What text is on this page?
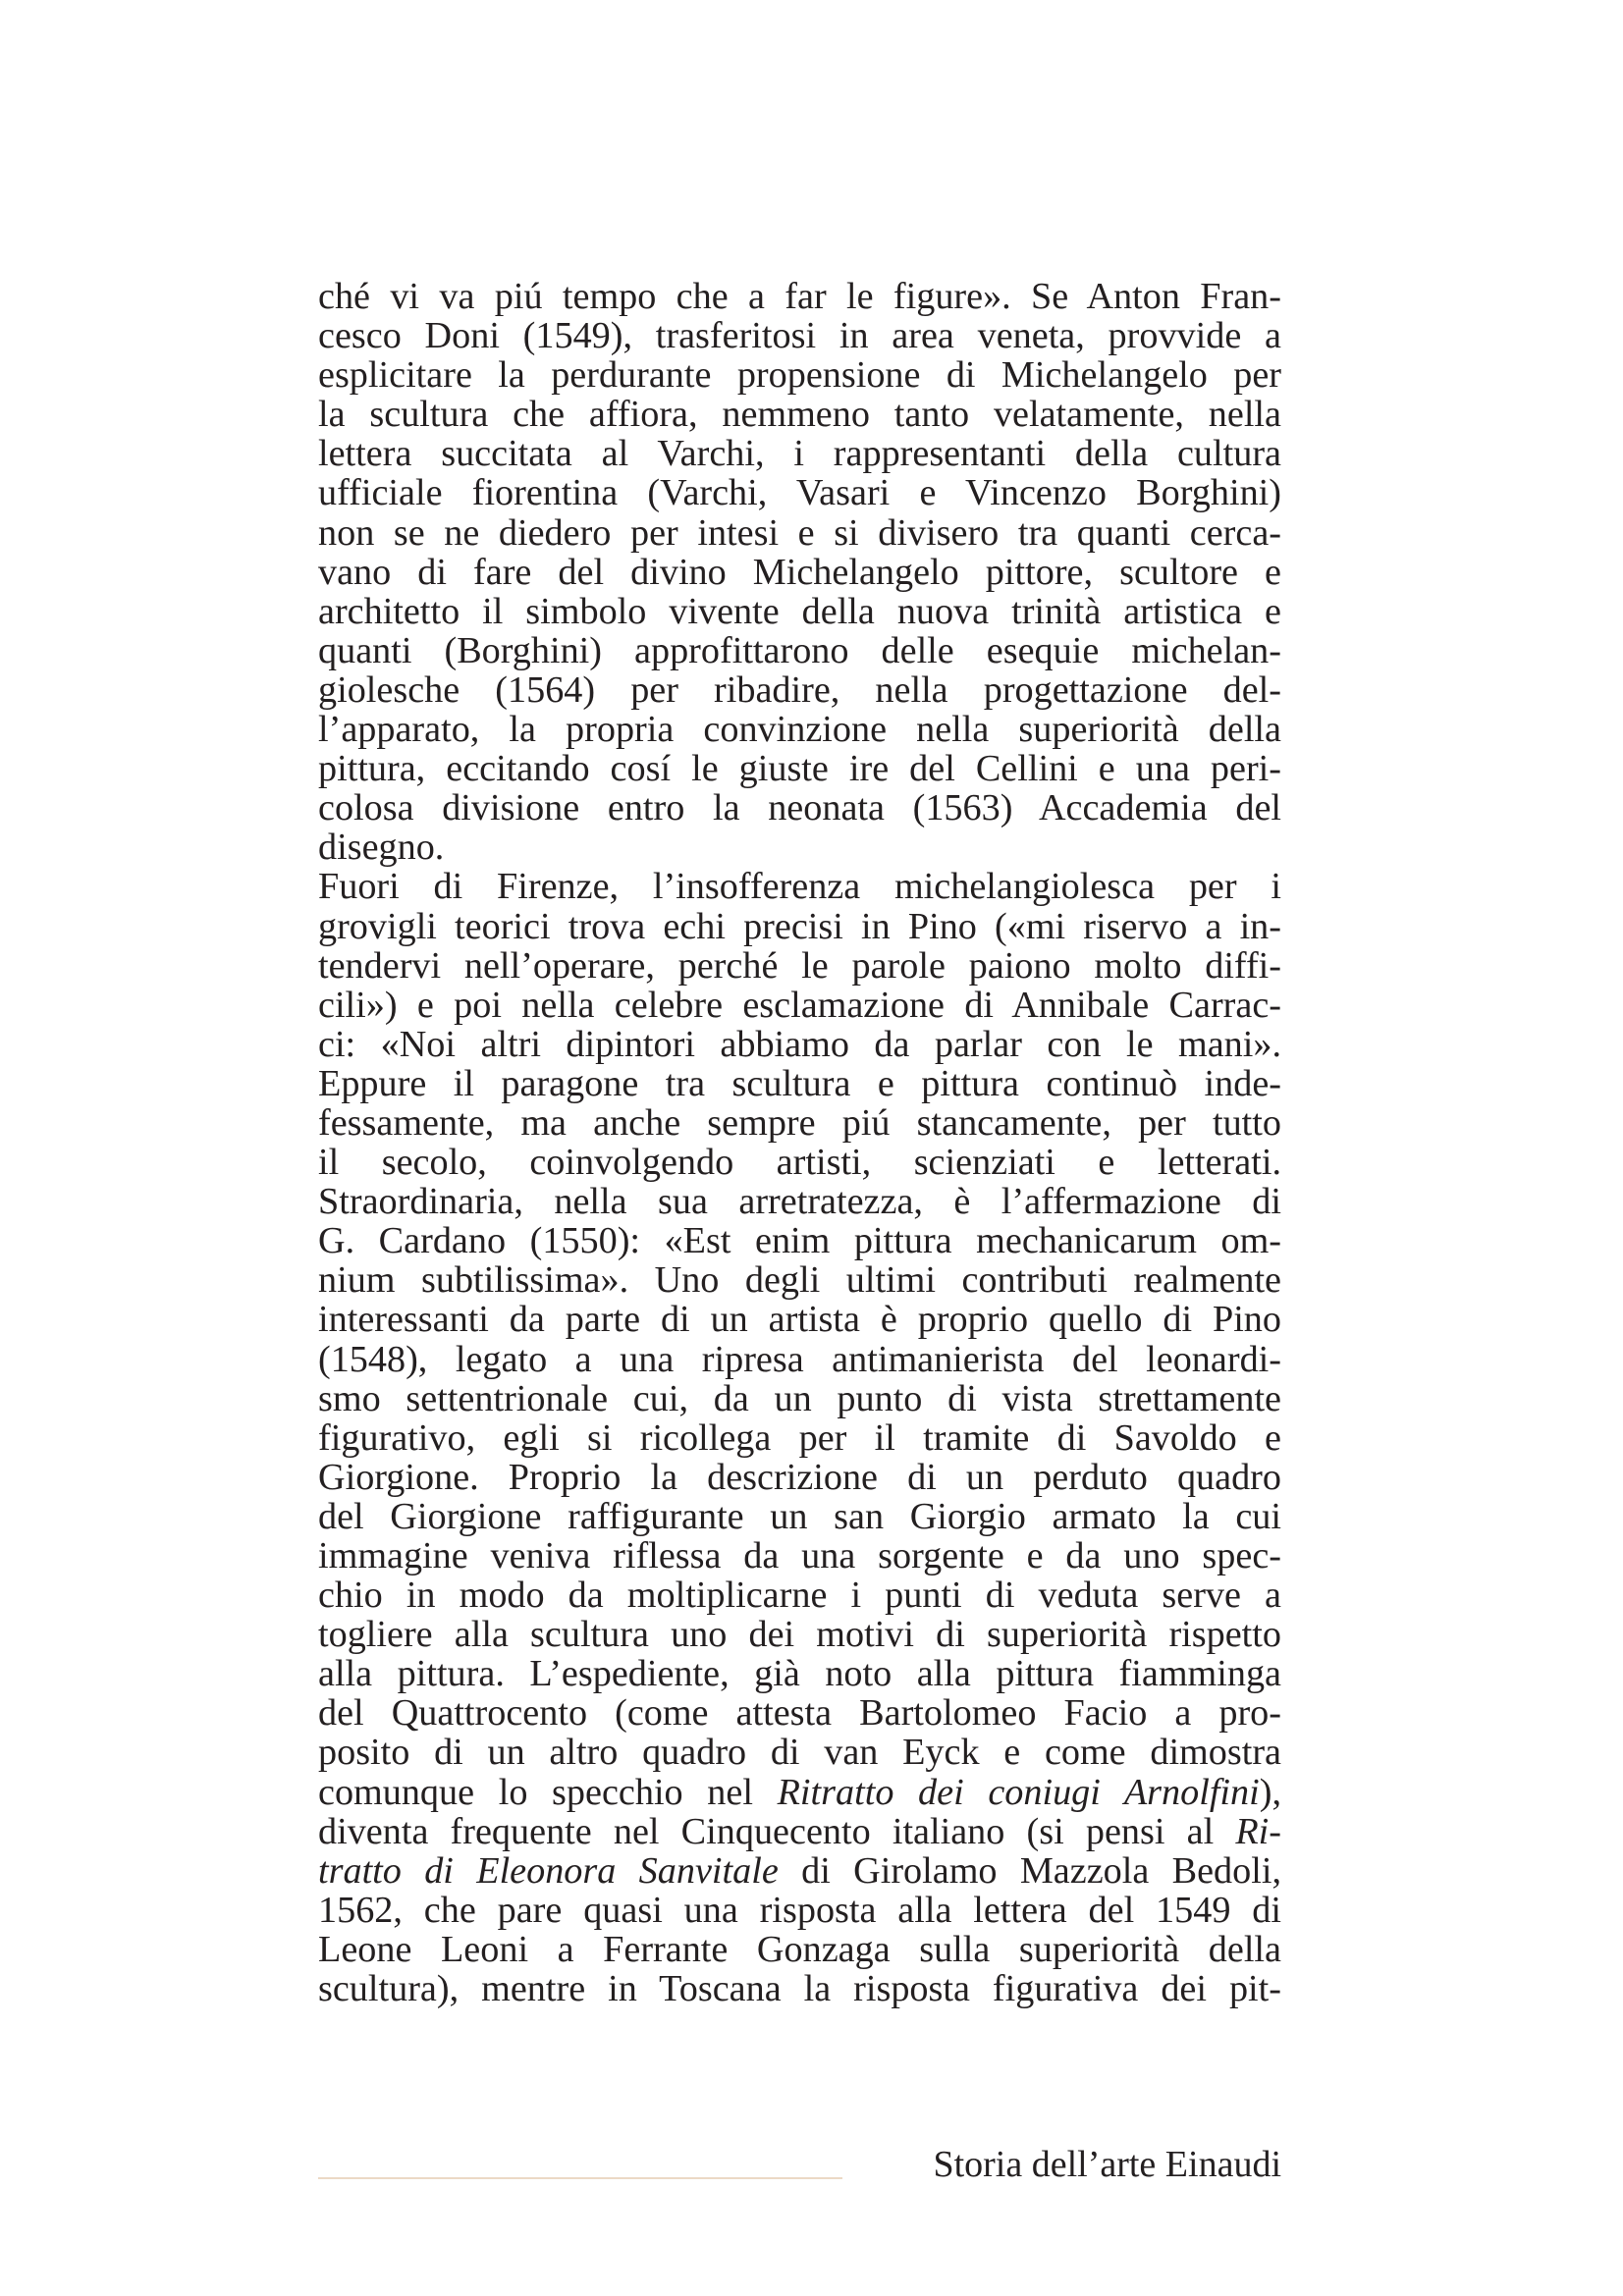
ché vi va piú tempo che a far le figure». Se Anton Fran-
cesco Doni (1549), trasferitosi in area veneta, provvide a
esplicitare la perdurante propensione di Michelangelo per
la scultura che affiora, nemmeno tanto velatamente, nella
lettera succitata al Varchi, i rappresentanti della cultura
ufficiale fiorentina (Varchi, Vasari e Vincenzo Borghini)
non se ne diedero per intesi e si divisero tra quanti cerca-
vano di fare del divino Michelangelo pittore, scultore e
architetto il simbolo vivente della nuova trinità artistica e
quanti (Borghini) approfittarono delle esequie michelan-
giolesche (1564) per ribadire, nella progettazione del-
l’apparato, la propria convinzione nella superiorità della
pittura, eccitando cosí le giuste ire del Cellini e una peri-
colosa divisione entro la neonata (1563) Accademia del
disegno.
Fuori di Firenze, l’insofferenza michelangiolesca per i
grovigli teorici trova echi precisi in Pino («mi riservo a in-
tendervi nell’operare, perché le parole paiono molto diffi-
cili») e poi nella celebre esclamazione di Annibale Carrac-
ci: «Noi altri dipintori abbiamo da parlar con le mani».
Eppure il paragone tra scultura e pittura continuò inde-
fessamente, ma anche sempre piú stancamente, per tutto
il secolo, coinvolgendo artisti, scienziati e letterati.
Straordinaria, nella sua arretratezza, è l’affermazione di
G. Cardano (1550): «Est enim pittura mechanicarum om-
nium subtilissima». Uno degli ultimi contributi realmente
interessanti da parte di un artista è proprio quello di Pino
(1548), legato a una ripresa antimanierista del leonardi-
smo settentrionale cui, da un punto di vista strettamente
figurativo, egli si ricollega per il tramite di Savoldo e
Giorgione. Proprio la descrizione di un perduto quadro
del Giorgione raffigurante un san Giorgio armato la cui
immagine veniva riflessa da una sorgente e da uno spec-
chio in modo da moltiplicarne i punti di veduta serve a
togliere alla scultura uno dei motivi di superiorità rispetto
alla pittura. L’espediente, già noto alla pittura fiamminga
del Quattrocento (come attesta Bartolomeo Facio a pro-
posito di un altro quadro di van Eyck e come dimostra
comunque lo specchio nel Ritratto dei coniugi Arnolfini),
diventa frequente nel Cinquecento italiano (si pensi al Ri-
tratto di Eleonora Sanvitale di Girolamo Mazzola Bedoli,
1562, che pare quasi una risposta alla lettera del 1549 di
Leone Leoni a Ferrante Gonzaga sulla superiorità della
scultura), mentre in Toscana la risposta figurativa dei pit-
Storia dell’arte Einaudi
